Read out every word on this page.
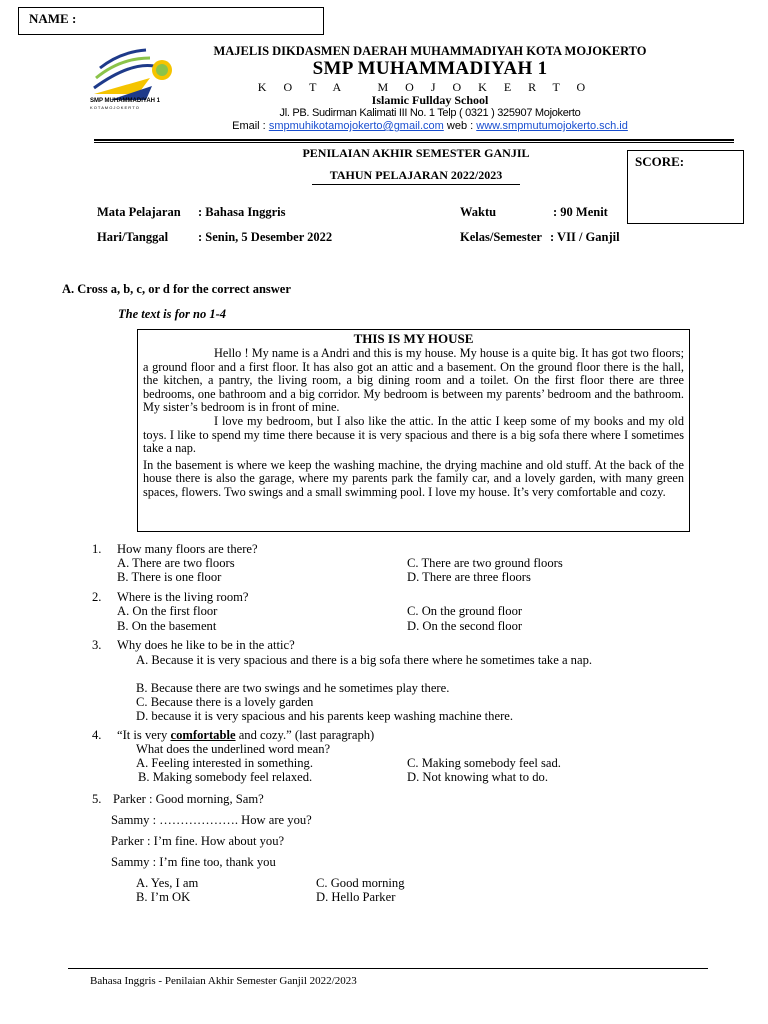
NAME :
SMP MUHAMMADIYAH 1
K O T A M O J O K E R T O
MAJELIS DIKDASMEN DAERAH MUHAMMADIYAH KOTA MOJOKERTO
SMP MUHAMMADIYAH 1
KOTA MOJOKERTO
Islamic Fullday School
Jl. PB. Sudirman Kalimati III No. 1 Telp ( 0321 ) 325907 Mojokerto
Email : smpmuhikotamojokerto@gmail.com web : www.smpmutumojokerto.sch.id
PENILAIAN AKHIR SEMESTER GANJIL
TAHUN PELAJARAN 2022/2023
SCORE:
Mata Pelajaran : Bahasa Inggris	Waktu	: 90 Menit
Hari/Tanggal : Senin, 5 Desember 2022	Kelas/Semester : VII / Ganjil
A. Cross a, b, c, or d for the correct answer
The text is for no 1-4
THIS IS MY HOUSE

Hello ! My name is a Andri and this is my house. My house is a quite big. It has got two floors; a ground floor and a first floor. It has also got an attic and a basement. On the ground floor there is the hall, the kitchen, a pantry, the living room, a big dining room and a toilet. On the first floor there are three bedrooms, one bathroom and a big corridor. My bedroom is between my parents’ bedroom and the bathroom. My sister’s bedroom is in front of mine.

I love my bedroom, but I also like the attic. In the attic I keep some of my books and my old toys. I like to spend my time there because it is very spacious and there is a big sofa there where I sometimes take a nap.

In the basement is where we keep the washing machine, the drying machine and old stuff. At the back of the house there is also the garage, where my parents park the family car, and a lovely garden, with many green spaces, flowers. Two swings and a small swimming pool. I love my house. It’s very comfortable and cozy.

1. How many floors are there?
A. There are two floors
B. There is one floor
C. There are two ground floors
D. There are three floors
2. Where is the living room?
A. On the first floor
B. On the basement
C. On the ground floor
D. On the second floor
3. Why does he like to be in the attic?
A. Because it is very spacious and there is a big sofa there where he sometimes take a nap.
B. Because there are two swings and he sometimes play there.
C. Because there is a lovely garden
D. because it is very spacious and his parents keep washing machine there.
4. “It is very comfortable and cozy.” (last paragraph)
What does the underlined word mean?
A. Feeling interested in something.
B. Making somebody feel relaxed.
C. Making somebody feel sad.
D. Not knowing what to do.
5. Parker : Good morning, Sam?
Sammy : ………………. How are you?
Parker : I’m fine. How about you?
Sammy : I’m fine too, thank you
A. Yes, I am
B. I’m OK
C. Good morning
D. Hello Parker
Bahasa Inggris - Penilaian Akhir Semester Ganjil 2022/2023
